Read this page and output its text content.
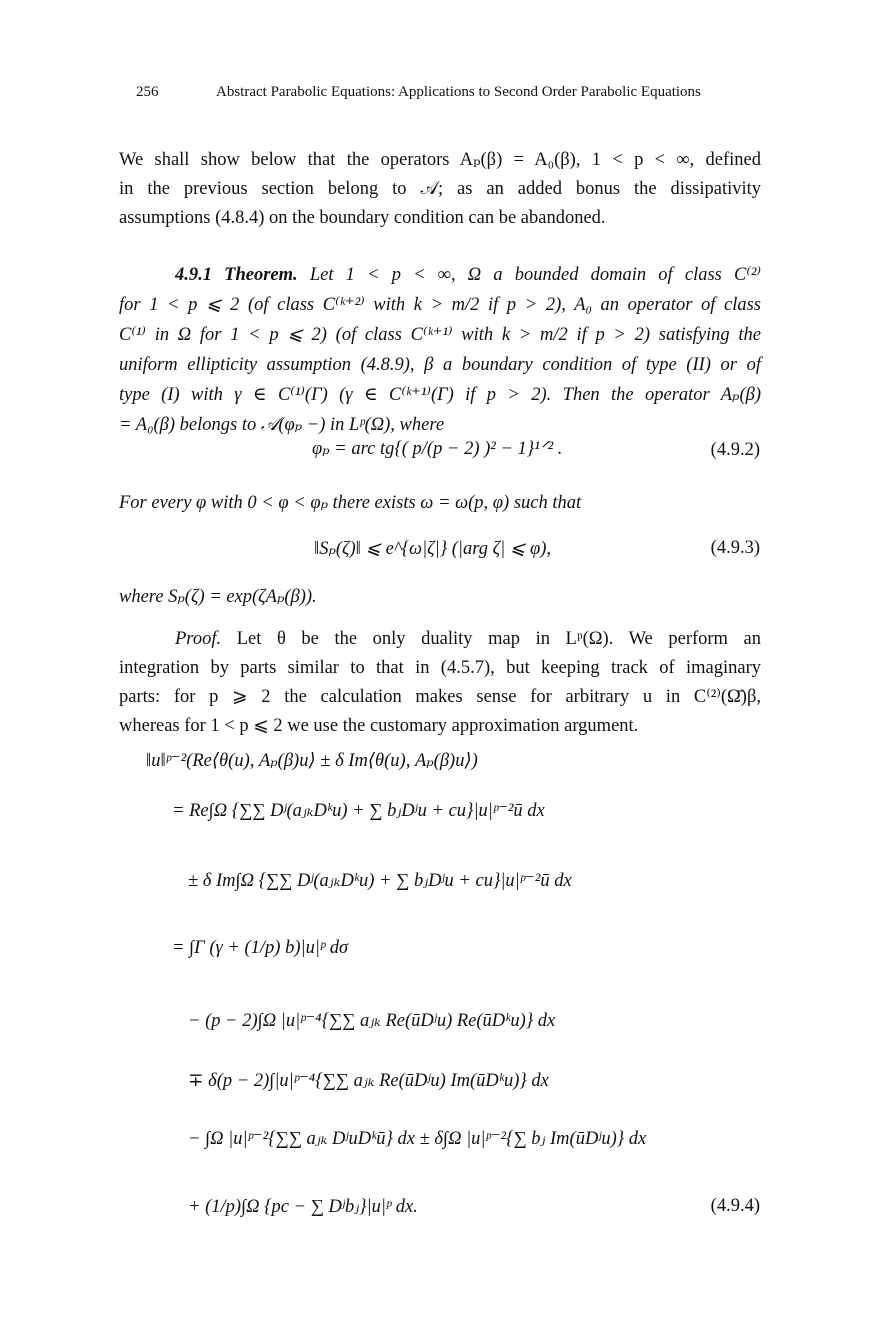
256	Abstract Parabolic Equations: Applications to Second Order Parabolic Equations
We shall show below that the operators Aₚ(β) = A₀(β), 1 < p < ∞, defined
in the previous section belong to 𝒜; as an added bonus the dissipativity
assumptions (4.8.4) on the boundary condition can be abandoned.
4.9.1 Theorem. Let 1 < p < ∞, Ω a bounded domain of class C⁽²⁾
for 1 < p ⩽ 2 (of class C⁽ᵏ⁺²⁾ with k > m/2 if p > 2), A₀ an operator of class
C⁽¹⁾ in Ω for 1 < p ⩽ 2) (of class C⁽ᵏ⁺¹⁾ with k > m/2 if p > 2) satisfying the
uniform ellipticity assumption (4.8.9), β a boundary condition of type (II) or of
type (I) with γ ∈ C⁽¹⁾(Γ) (γ ∈ C⁽ᵏ⁺¹⁾(Γ) if p > 2). Then the operator Aₚ(β)
= A₀(β) belongs to 𝒜(φₚ −) in Lᵖ(Ω), where
φₚ = arc tg{( p/(p − 2) )² − 1}¹ᐟ² .	(4.9.2)
For every φ with 0 < φ < φₚ there exists ω = ω(p, φ) such that
‖Sₚ(ζ)‖ ⩽ e^{ω|ζ|} (|arg ζ| ⩽ φ),	(4.9.3)
where Sₚ(ζ) = exp(ζAₚ(β)).
Proof. Let θ be the only duality map in Lᵖ(Ω). We perform an
integration by parts similar to that in (4.5.7), but keeping track of imaginary
parts: for p ⩾ 2 the calculation makes sense for arbitrary u in C⁽²⁾(Ω̄)β,
whereas for 1 < p ⩽ 2 we use the customary approximation argument.
‖u‖ᵖ⁻²(Re⟨θ(u), Aₚ(β)u⟩ ± δ Im⟨θ(u), Aₚ(β)u⟩)
= Re∫Ω {∑∑ Dʲ(aⱼₖDᵏu) + ∑ bⱼDʲu + cu}|u|ᵖ⁻²ū dx
± δ Im∫Ω {∑∑ Dʲ(aⱼₖDᵏu) + ∑ bⱼDʲu + cu}|u|ᵖ⁻²ū dx
= ∫Γ (γ + (1/p) b)|u|ᵖ dσ
− (p − 2)∫Ω |u|ᵖ⁻⁴{∑∑ aⱼₖ Re(ūDʲu) Re(ūDᵏu)} dx
∓ δ(p − 2)∫|u|ᵖ⁻⁴{∑∑ aⱼₖ Re(ūDʲu) Im(ūDᵏu)} dx
− ∫Ω |u|ᵖ⁻²{∑∑ aⱼₖ DʲuDᵏū} dx ± δ∫Ω |u|ᵖ⁻²{∑ bⱼ Im(ūDʲu)} dx
+ (1/p)∫Ω {pc − ∑ Dʲbⱼ}|u|ᵖ dx.	(4.9.4)
